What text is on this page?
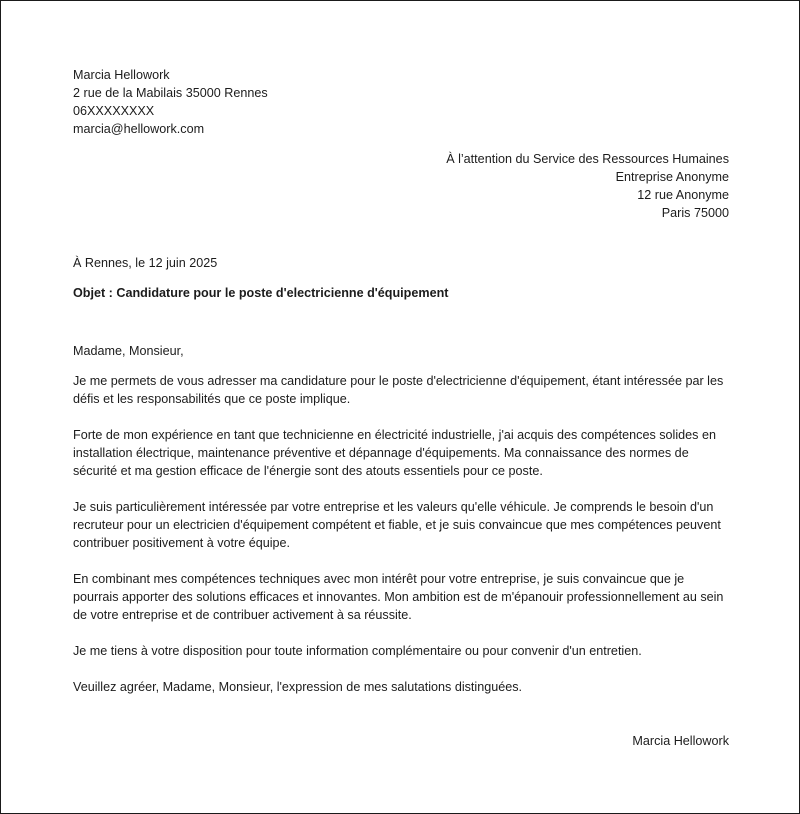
Marcia Hellowork
2 rue de la Mabilais 35000 Rennes
06XXXXXXXX
marcia@hellowork.com
À l’attention du Service des Ressources Humaines
Entreprise Anonyme
12 rue Anonyme
Paris 75000
À Rennes, le 12 juin 2025
Objet : Candidature pour le poste d'electricienne d'équipement

Madame, Monsieur,

Je me permets de vous adresser ma candidature pour le poste d'electricienne d'équipement, étant intéressée par les défis et les responsabilités que ce poste implique.

Forte de mon expérience en tant que technicienne en électricité industrielle, j'ai acquis des compétences solides en installation électrique, maintenance préventive et dépannage d'équipements. Ma connaissance des normes de sécurité et ma gestion efficace de l'énergie sont des atouts essentiels pour ce poste.

Je suis particulièrement intéressée par votre entreprise et les valeurs qu'elle véhicule. Je comprends le besoin d'un recruteur pour un electricien d'équipement compétent et fiable, et je suis convaincue que mes compétences peuvent contribuer positivement à votre équipe.

En combinant mes compétences techniques avec mon intérêt pour votre entreprise, je suis convaincue que je pourrais apporter des solutions efficaces et innovantes. Mon ambition est de m'épanouir professionnellement au sein de votre entreprise et de contribuer activement à sa réussite.

Je me tiens à votre disposition pour toute information complémentaire ou pour convenir d'un entretien.

Veuillez agréer, Madame, Monsieur, l'expression de mes salutations distinguées.

Marcia Hellowork
